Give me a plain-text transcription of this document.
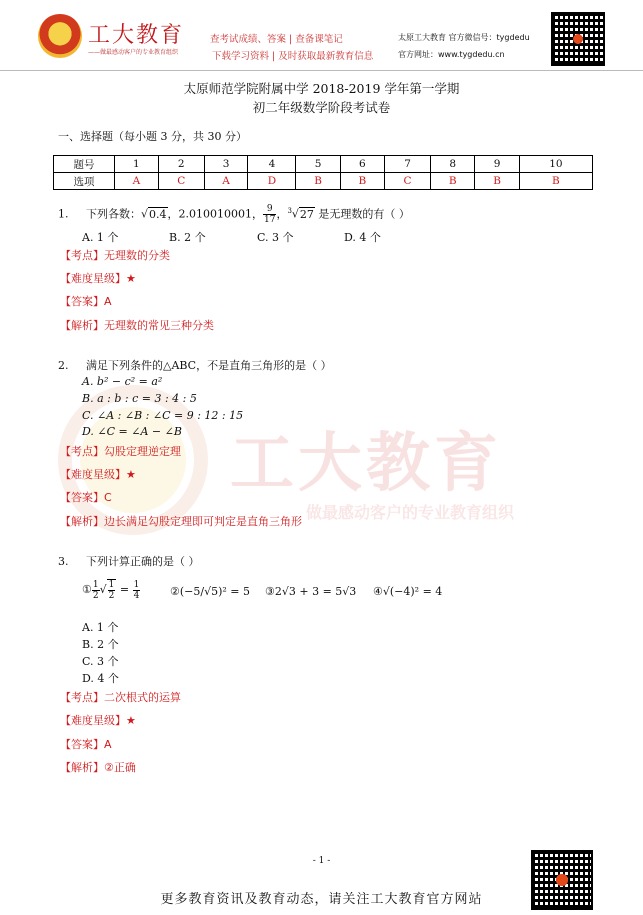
工大教育
——做最感动客户的专业教育组织
查考试成绩、答案 | 查备课笔记
下载学习资料 | 及时获取最新教育信息
太原工大教育 官方微信号：tygdedu
官方网址：www.tygdedu.cn
工大教育
做最感动客户的专业教育组织
太原师范学院附属中学 2018-2019 学年第一学期
初二年级数学阶段考试卷
一、选择题（每小题 3 分，共 30 分）
题号	1	2	3	4	5	6	7	8	9	10
选项	A	C	A	D	B	B	C	B	B	B
1. 下列各数：√0.4，2.010010001， $\frac{9}{17}$ ，$^3$√27 是无理数的有（ ）
A. 1 个	B. 2 个	C. 3 个	D. 4 个
【考点】无理数的分类
【难度星级】★
【答案】A
【解析】无理数的常见三种分类
2. 满足下列条件的△ABC，不是直角三角形的是（ ）
A. b² − c² = a²
B. a : b : c = 3 : 4 : 5
C. ∠A : ∠B : ∠C = 9 : 12 : 15
D. ∠C = ∠A − ∠B
【考点】勾股定理逆定理
【难度星级】★
【答案】C
【解析】边长满足勾股定理即可判定是直角三角形
3. 下列计算正确的是（ ）
① $\frac{1}{2}$ √ $\frac{1}{2} = \frac{1}{4}$	②(−5/√5)² = 5 ③2√3 + 3 = 5√3 ④√(−4)² = 4
A. 1 个
B. 2 个
C. 3 个
D. 4 个
【考点】二次根式的运算
【难度星级】★
【答案】A
【解析】②正确
- 1 -
更多教育资讯及教育动态，请关注工大教育官方网站
